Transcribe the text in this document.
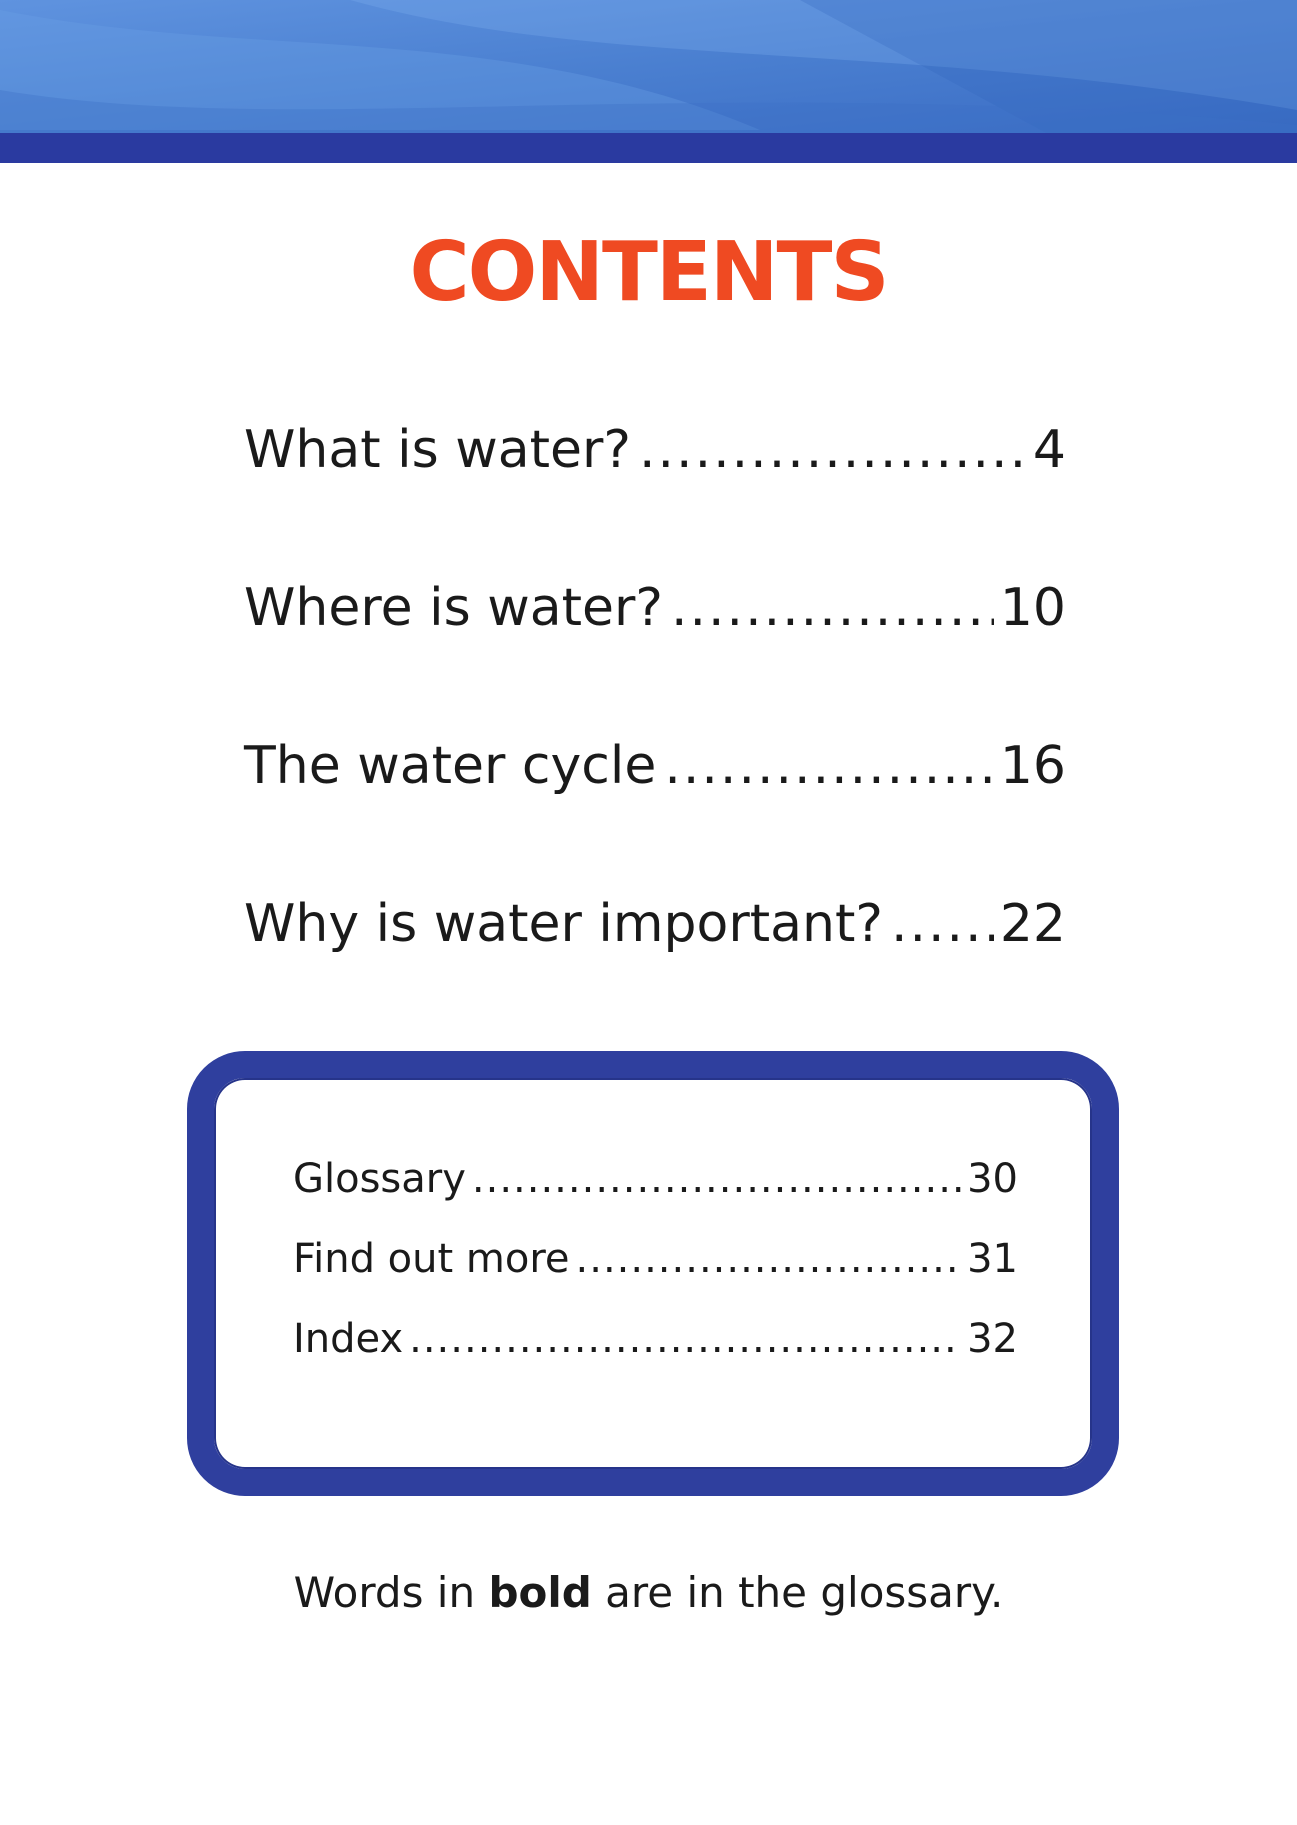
CONTENTS
What is water? .....	4
Where is water? .....	10
The water cycle .....	16
Why is water important? ..... 22
Glossary .....	30
Find out more .....	31
Index .....	32
Words in bold are in the glossary.
